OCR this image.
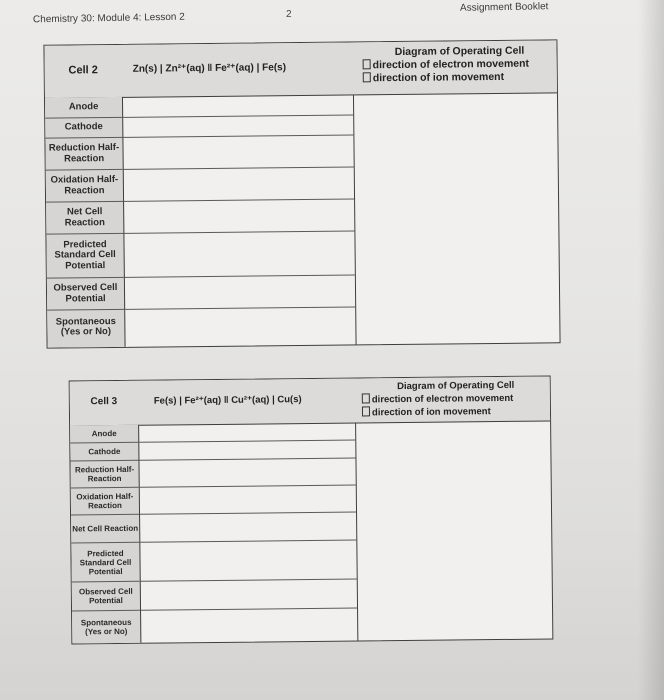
Chemistry 30: Module 4: Lesson 2	2
Assignment Booklet
Cell 2	Zn(s) | Zn²⁺(aq) ‖ Fe²⁺(aq) | Fe(s)
Diagram of Operating Cell
direction of electron movement
direction of ion movement
Anode
Cathode
Reduction Half-Reaction
Oxidation Half-Reaction
Net Cell Reaction
Predicted Standard Cell Potential
Observed Cell Potential
Spontaneous (Yes or No)
Cell 3	Fe(s) | Fe²⁺(aq) ‖ Cu²⁺(aq) | Cu(s)
Diagram of Operating Cell
direction of electron movement
direction of ion movement
Anode
Cathode
Reduction Half-Reaction
Oxidation Half-Reaction
Net Cell Reaction
Predicted Standard Cell Potential
Observed Cell Potential
Spontaneous (Yes or No)
